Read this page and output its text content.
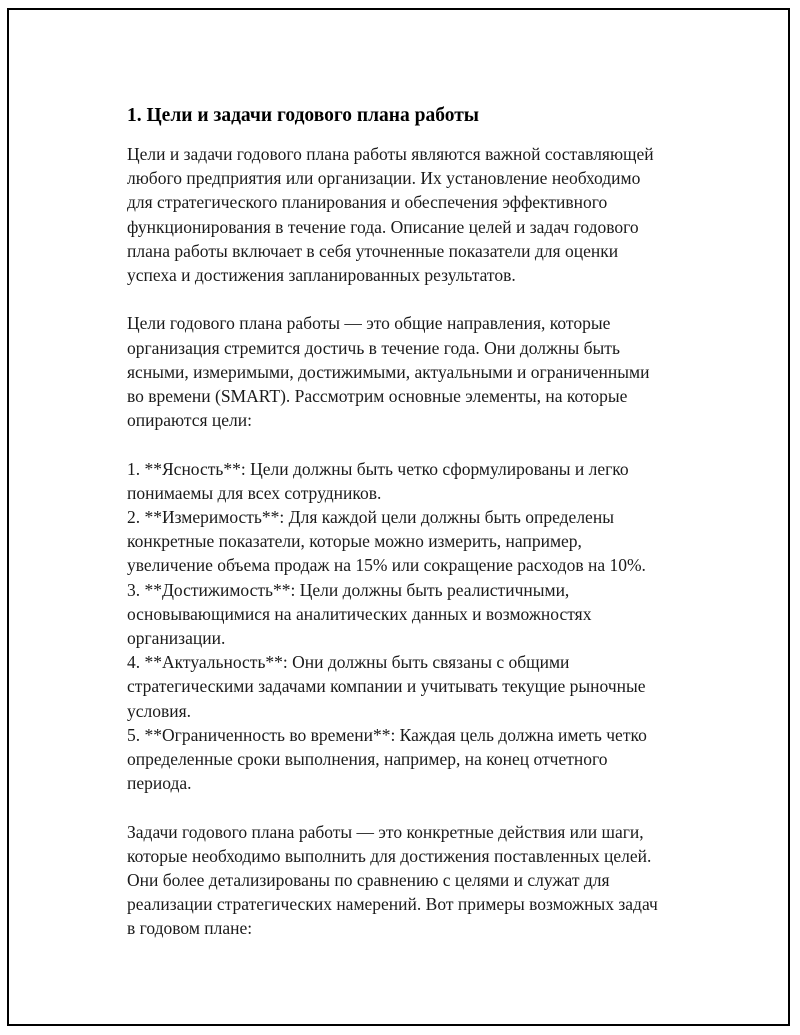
1. Цели и задачи годового плана работы
Цели и задачи годового плана работы являются важной составляющей
любого предприятия или организации. Их установление необходимо
для стратегического планирования и обеспечения эффективного
функционирования в течение года. Описание целей и задач годового
плана работы включает в себя уточненные показатели для оценки
успеха и достижения запланированных результатов.
Цели годового плана работы — это общие направления, которые
организация стремится достичь в течение года. Они должны быть
ясными, измеримыми, достижимыми, актуальными и ограниченными
во времени (SMART). Рассмотрим основные элементы, на которые
опираются цели:
1. **Ясность**: Цели должны быть четко сформулированы и легко
понимаемы для всех сотрудников.
2. **Измеримость**: Для каждой цели должны быть определены
конкретные показатели, которые можно измерить, например,
увеличение объема продаж на 15% или сокращение расходов на 10%.
3. **Достижимость**: Цели должны быть реалистичными,
основывающимися на аналитических данных и возможностях
организации.
4. **Актуальность**: Они должны быть связаны с общими
стратегическими задачами компании и учитывать текущие рыночные
условия.
5. **Ограниченность во времени**: Каждая цель должна иметь четко
определенные сроки выполнения, например, на конец отчетного
периода.
Задачи годового плана работы — это конкретные действия или шаги,
которые необходимо выполнить для достижения поставленных целей.
Они более детализированы по сравнению с целями и служат для
реализации стратегических намерений. Вот примеры возможных задач
в годовом плане:
